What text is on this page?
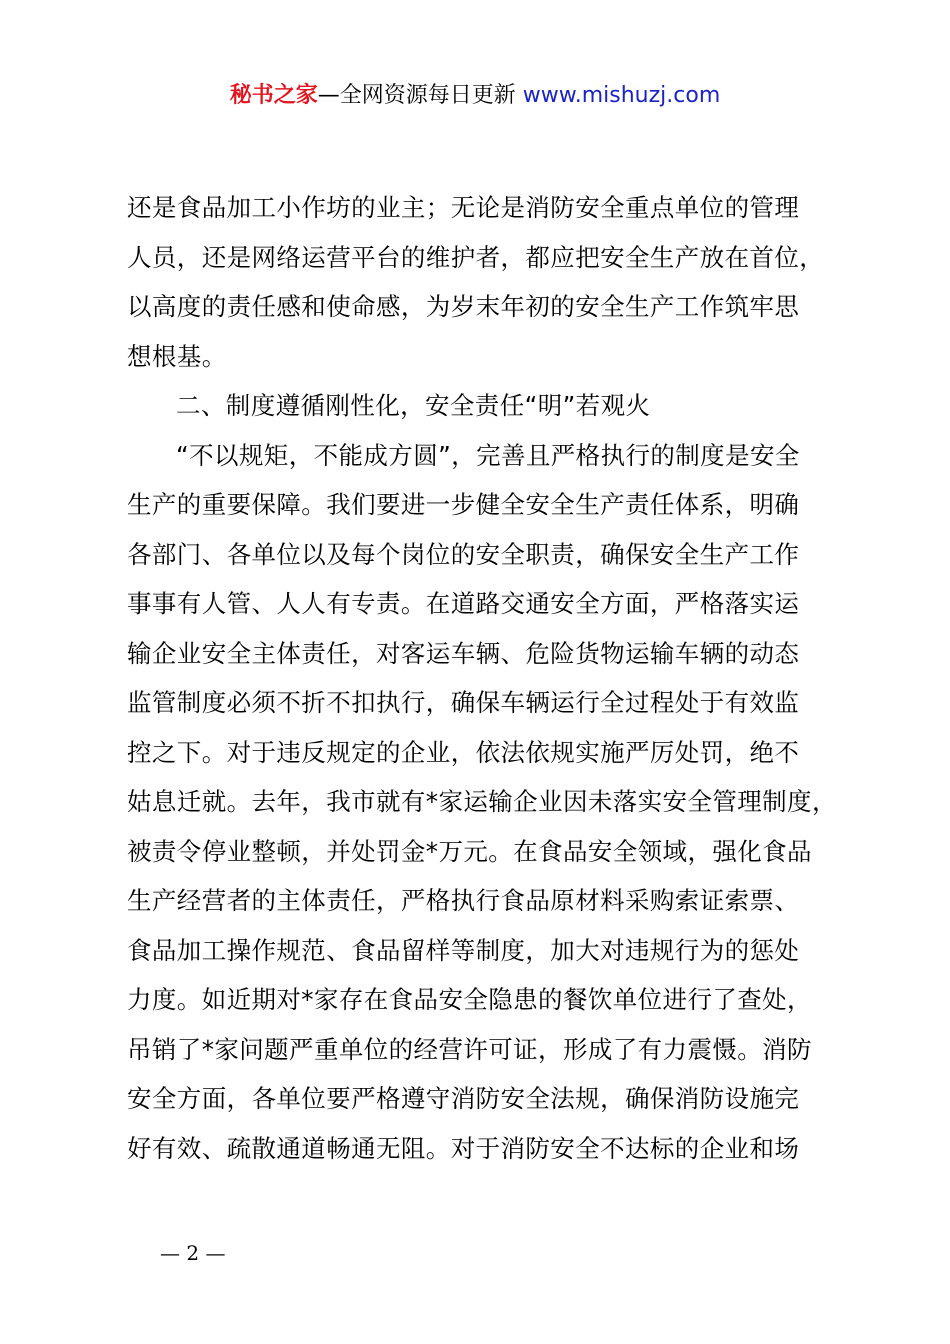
秘书之家—全网资源每日更新 www.mishuzj.com
还是食品加工小作坊的业主；无论是消防安全重点单位的管理
人员，还是网络运营平台的维护者，都应把安全生产放在首位，
以高度的责任感和使命感，为岁末年初的安全生产工作筑牢思
想根基。
二、制度遵循刚性化，安全责任“明”若观火
“不以规矩，不能成方圆”，完善且严格执行的制度是安全
生产的重要保障。我们要进一步健全安全生产责任体系，明确
各部门、各单位以及每个岗位的安全职责，确保安全生产工作
事事有人管、人人有专责。在道路交通安全方面，严格落实运
输企业安全主体责任，对客运车辆、危险货物运输车辆的动态
监管制度必须不折不扣执行，确保车辆运行全过程处于有效监
控之下。对于违反规定的企业，依法依规实施严厉处罚，绝不
姑息迁就。去年，我市就有*家运输企业因未落实安全管理制度，
被责令停业整顿，并处罚金*万元。在食品安全领域，强化食品
生产经营者的主体责任，严格执行食品原材料采购索证索票、
食品加工操作规范、食品留样等制度，加大对违规行为的惩处
力度。如近期对*家存在食品安全隐患的餐饮单位进行了查处，
吊销了*家问题严重单位的经营许可证，形成了有力震慑。消防
安全方面，各单位要严格遵守消防安全法规，确保消防设施完
好有效、疏散通道畅通无阻。对于消防安全不达标的企业和场
— 2 —
